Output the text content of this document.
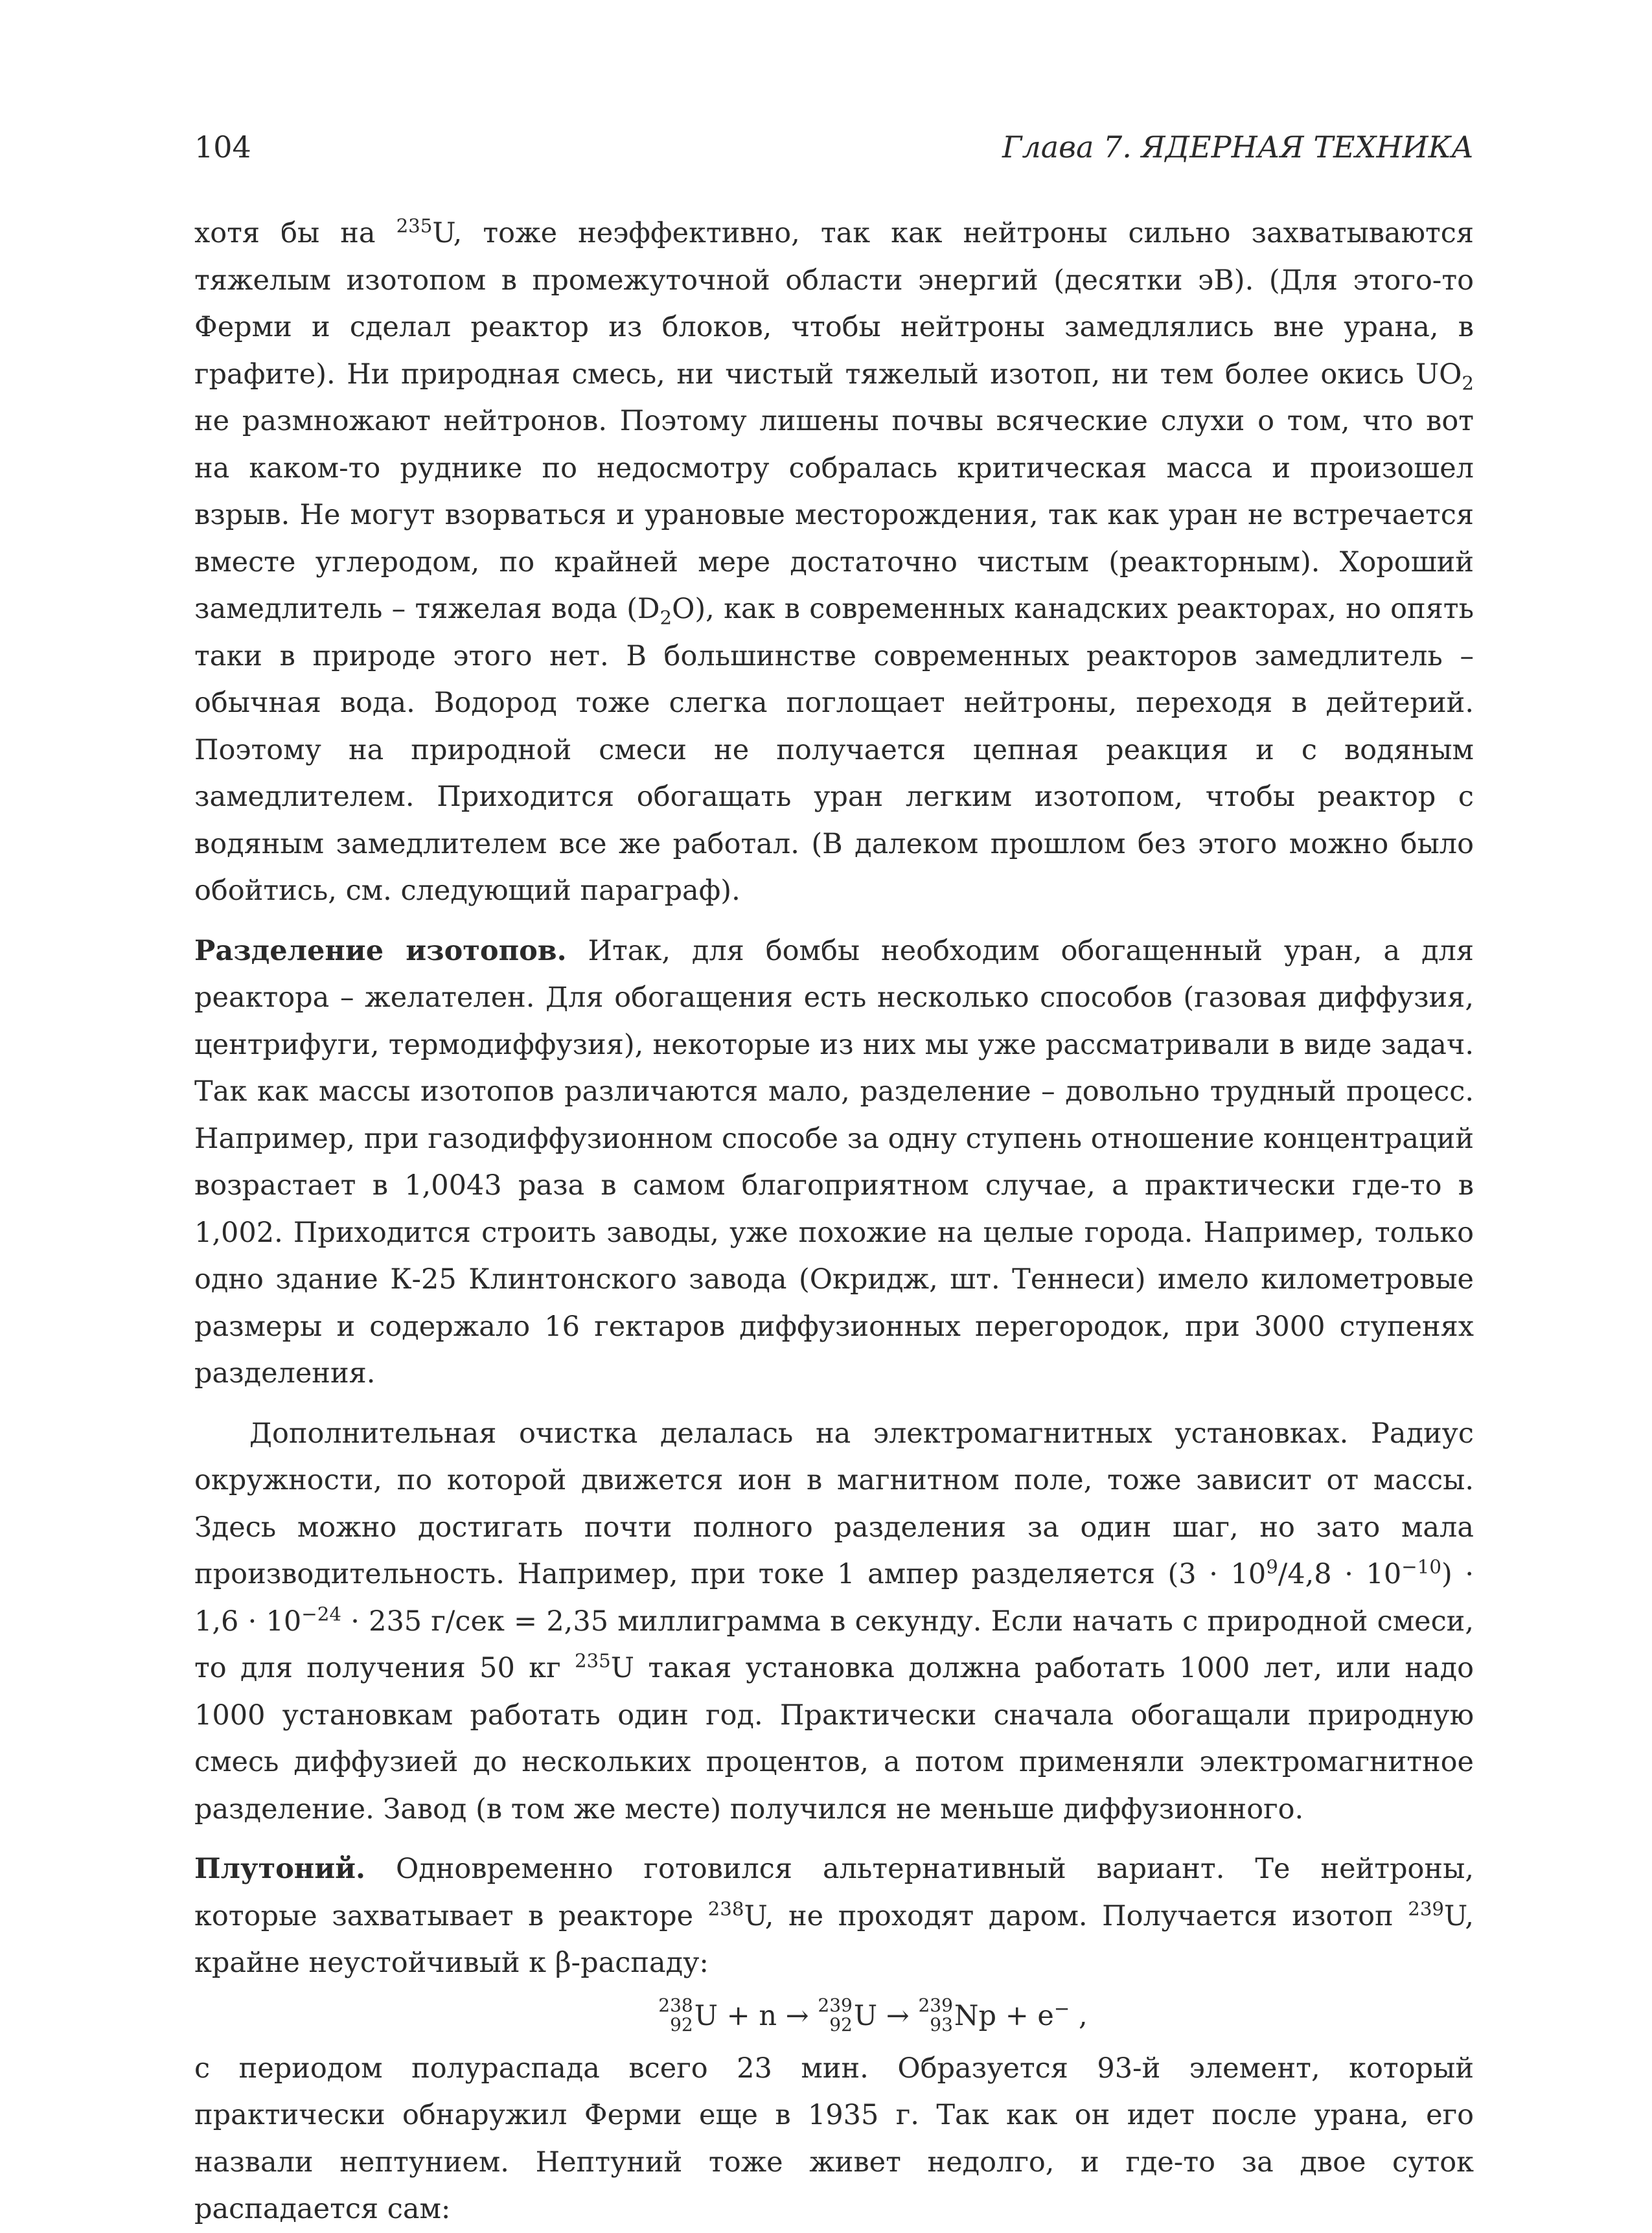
104	Глава 7. ЯДЕРНАЯ ТЕХНИКА

хотя бы на $^{235}$U, тоже неэффективно, так как нейтроны сильно захватываются тяжелым изотопом в промежуточной области энергий (десятки эВ). (Для этого-то Ферми и сделал реактор из блоков, чтобы нейтроны замедлялись вне урана, в графите). Ни природная смесь, ни чистый тяжелый изотоп, ни тем более окись $UO_2$ не размножают нейтронов. Поэтому лишены почвы всяческие слухи о том, что вот на каком-то руднике по недосмотру собралась критическая масса и произошел взрыв. Не могут взорваться и урановые месторождения, так как уран не встречается вместе углеродом, по крайней мере достаточно чистым (реакторным). Хороший замедлитель – тяжелая вода $(D_2O)$, как в современных канадских реакторах, но опять таки в природе этого нет. В большинстве современных реакторов замедлитель – обычная вода. Водород тоже слегка поглощает нейтроны, переходя в дейтерий. Поэтому на природной смеси не получается цепная реакция и с водяным замедлителем. Приходится обогащать уран легким изотопом, чтобы реактор с водяным замедлителем все же работал. (В далеком прошлом без этого можно было обойтись, см. следующий параграф).

Разделение изотопов. Итак, для бомбы необходим обогащенный уран, а для реактора – желателен. Для обогащения есть несколько способов (газовая диффузия, центрифуги, термодиффузия), некоторые из них мы уже рассматривали в виде задач. Так как массы изотопов различаются мало, разделение – довольно трудный процесс. Например, при газодиффузионном способе за одну ступень отношение концентраций возрастает в 1,0043 раза в самом благоприятном случае, а практически где-то в 1,002. Приходится строить заводы, уже похожие на целые города. Например, только одно здание К-25 Клинтонского завода (Окридж, шт. Теннеси) имело километровые размеры и содержало 16 гектаров диффузионных перегородок, при 3000 ступенях разделения.

Дополнительная очистка делалась на электромагнитных установках. Радиус окружности, по которой движется ион в магнитном поле, тоже зависит от массы. Здесь можно достигать почти полного разделения за один шаг, но зато мала производительность. Например, при токе 1 ампер разделяется $(3 \cdot 10^9/4,8 \cdot 10^{-10}) \cdot 1,6 \cdot 10^{-24} \cdot 235$ г/сек = 2,35 миллиграмма в секунду. Если начать с природной смеси, то для получения 50 кг $^{235}$U такая установка должна работать 1000 лет, или надо 1000 установкам работать один год. Практически сначала обогащали природную смесь диффузией до нескольких процентов, а потом применяли электромагнитное разделение. Завод (в том же месте) получился не меньше диффузионного.

Плутоний. Одновременно готовился альтернативный вариант. Те нейтроны, которые захватывает в реакторе $^{238}$U, не проходят даром. Получается изотоп $^{239}$U, крайне неустойчивый к β-распаду:

238
92 U + n → 239
92 U → 239
93 Np + e− ,

с периодом полураспада всего 23 мин. Образуется 93-й элемент, который практически обнаружил Ферми еще в 1935 г. Так как он идет после урана, его назвали нептунием. Нептуний тоже живет недолго, и где-то за двое суток распадается сам:
